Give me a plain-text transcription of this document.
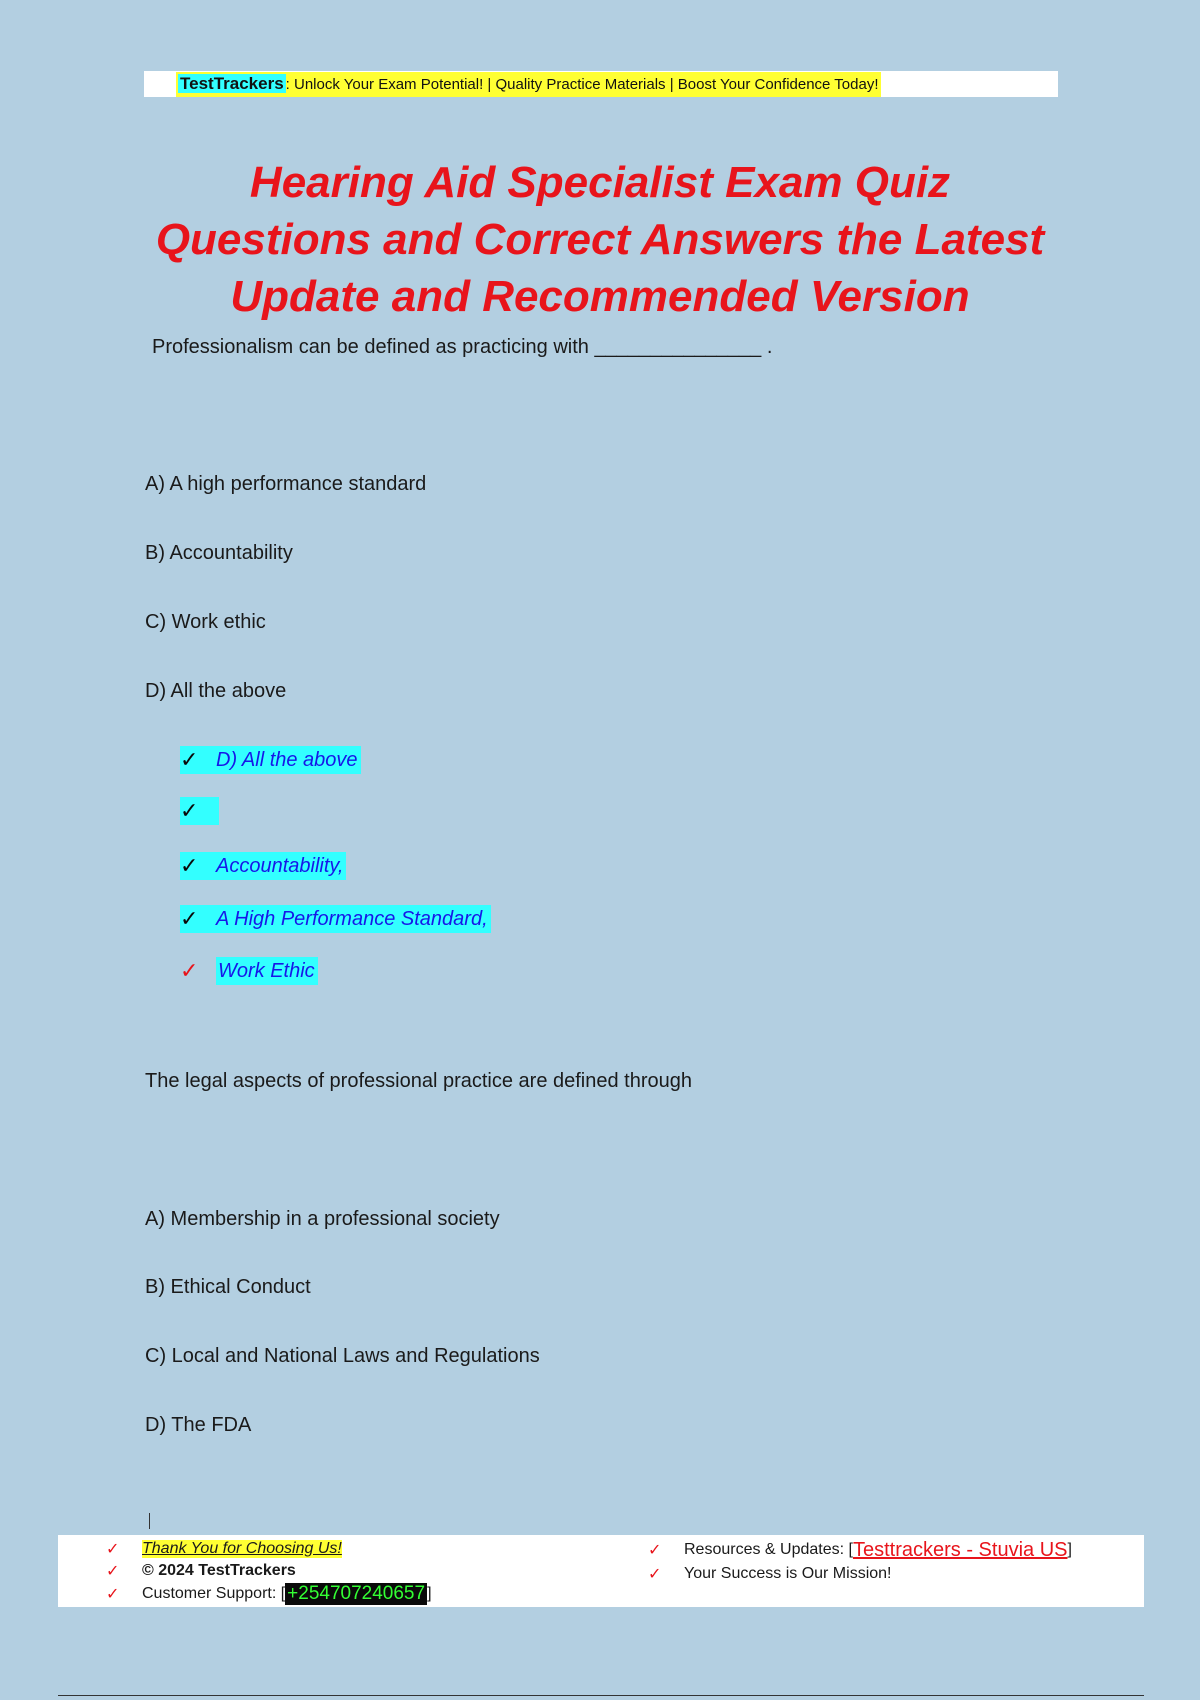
TestTrackers : Unlock Your Exam Potential! | Quality Practice Materials | Boost Your Confidence Today!
Hearing Aid Specialist Exam Quiz
Questions and Correct Answers the Latest
Update and Recommended Version
Professionalism can be defined as practicing with _______________ .
A) A high performance standard
B) Accountability
C) Work ethic
D) All the above
✓ D) All the above
✓
✓ Accountability,
✓ A High Performance Standard,
✓ Work Ethic
The legal aspects of professional practice are defined through
A) Membership in a professional society
B) Ethical Conduct
C) Local and National Laws and Regulations
D) The FDA
✓	Thank You for Choosing Us!
✓	© 2024 TestTrackers
✓	Customer Support: [ +254707240657 ]
✓	Resources & Updates: [ Testtrackers - Stuvia US ]
✓	Your Success is Our Mission!
